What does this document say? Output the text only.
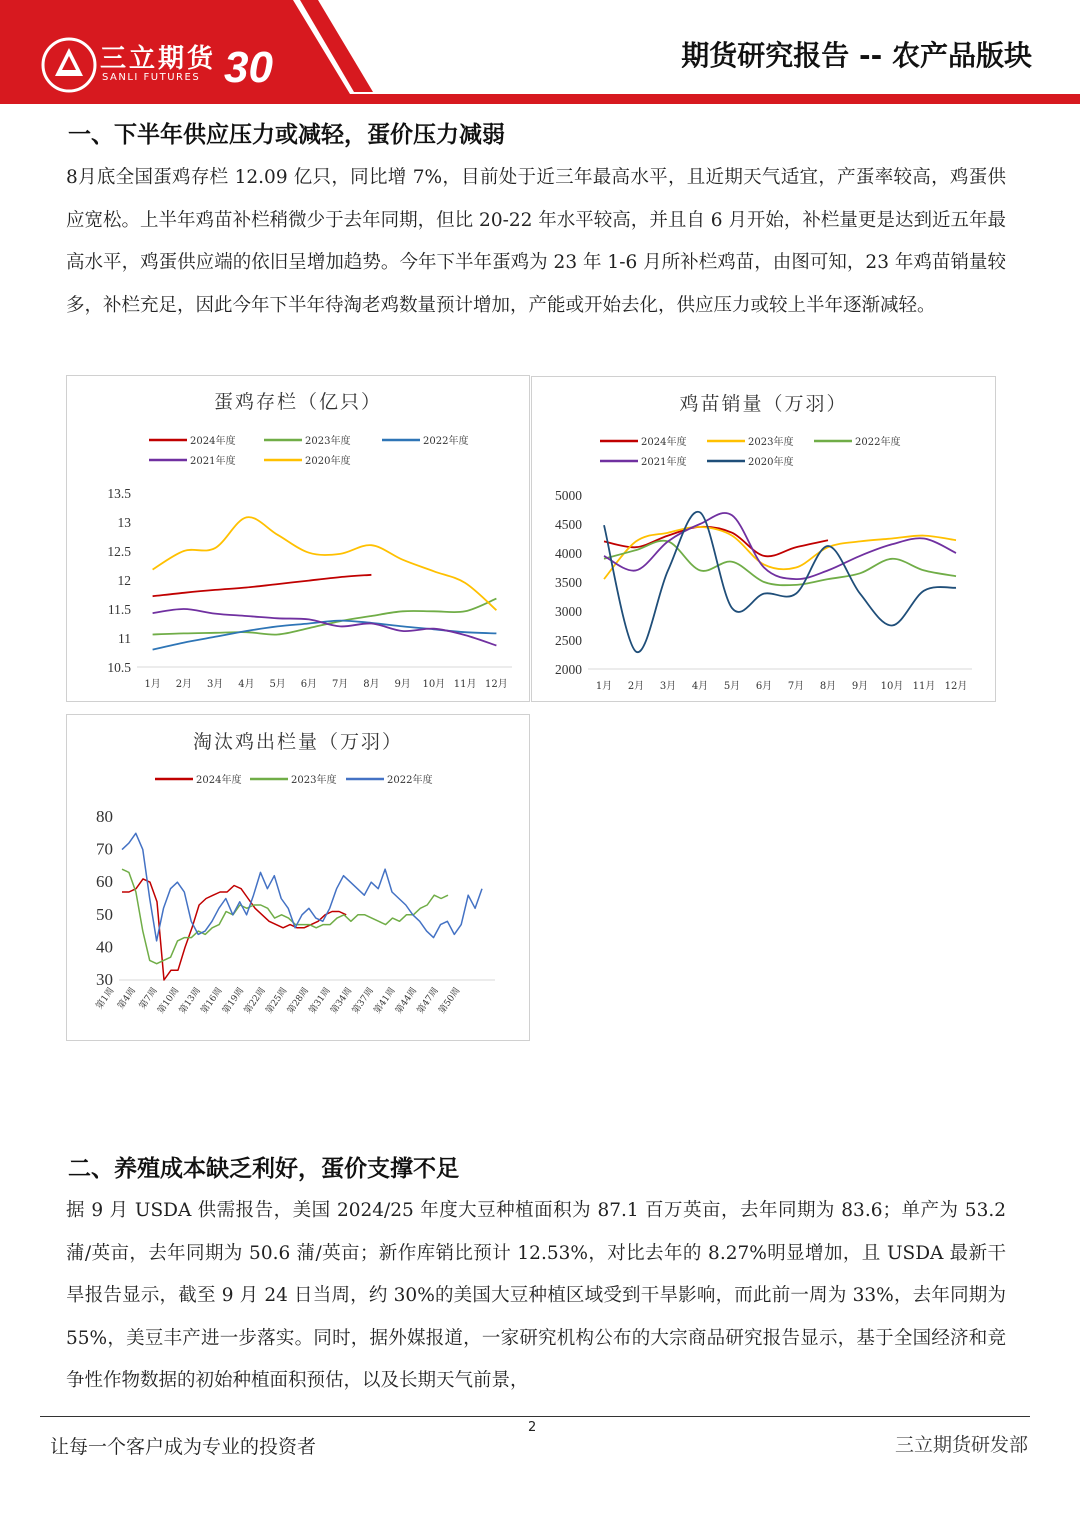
三立期货
SANLI FUTURES 30	期货研究报告 -- 农产品版块
一、下半年供应压力或减轻，蛋价压力减弱
8月底全国蛋鸡存栏 12.09 亿只，同比增 7%，目前处于近三年最高水平，且近期天气适宜，产蛋率较高，鸡蛋供应宽松。上半年鸡苗补栏稍微少于去年同期，但比 20-22 年水平较高，并且自 6 月开始，补栏量更是达到近五年最高水平，鸡蛋供应端的依旧呈增加趋势。今年下半年蛋鸡为 23 年 1-6 月所补栏鸡苗，由图可知，23 年鸡苗销量较多，补栏充足，因此今年下半年待淘老鸡数量预计增加，产能或开始去化，供应压力或较上半年逐渐减轻。
蛋鸡存栏（亿只）
2024年度	2023年度	2022年度
2021年度	2020年度
13.5
13
12.5
12
11.5
11
10.5
1月 2月 3月 4月 5月 6月 7月 8月 9月 10月 11月 12月
鸡苗销量（万羽）
2024年度	2023年度	2022年度
2021年度	2020年度
5000
4500
4000
3500
3000
2500
2000
1月 2月 3月 4月 5月 6月 7月 8月 9月 10月 11月 12月
淘汰鸡出栏量（万羽）
2024年度	2023年度	2022年度
80
70
60
50
40
30
第1周 第4周 第7周
第10周
第13周
第16周
第19周
第22周
第25周
第28周
第31周
第34周
第37周
第41周
第44周
第47周
第50周
二、养殖成本缺乏利好，蛋价支撑不足
据 9 月 USDA 供需报告，美国 2024/25 年度大豆种植面积为 87.1 百万英亩，去年同期为 83.6；单产为 53.2 蒲/英亩，去年同期为 50.6 蒲/英亩；新作库销比预计 12.53%，对比去年的 8.27%明显增加，且 USDA 最新干旱报告显示，截至 9 月 24 日当周，约 30%的美国大豆种植区域受到干旱影响，而此前一周为 33%，去年同期为 55%，美豆丰产进一步落实。同时，据外媒报道，一家研究机构公布的大宗商品研究报告显示，基于全国经济和竞争性作物数据的初始种植面积预估，以及长期天气前景，
2
让每一个客户成为专业的投资者	三立期货研发部
